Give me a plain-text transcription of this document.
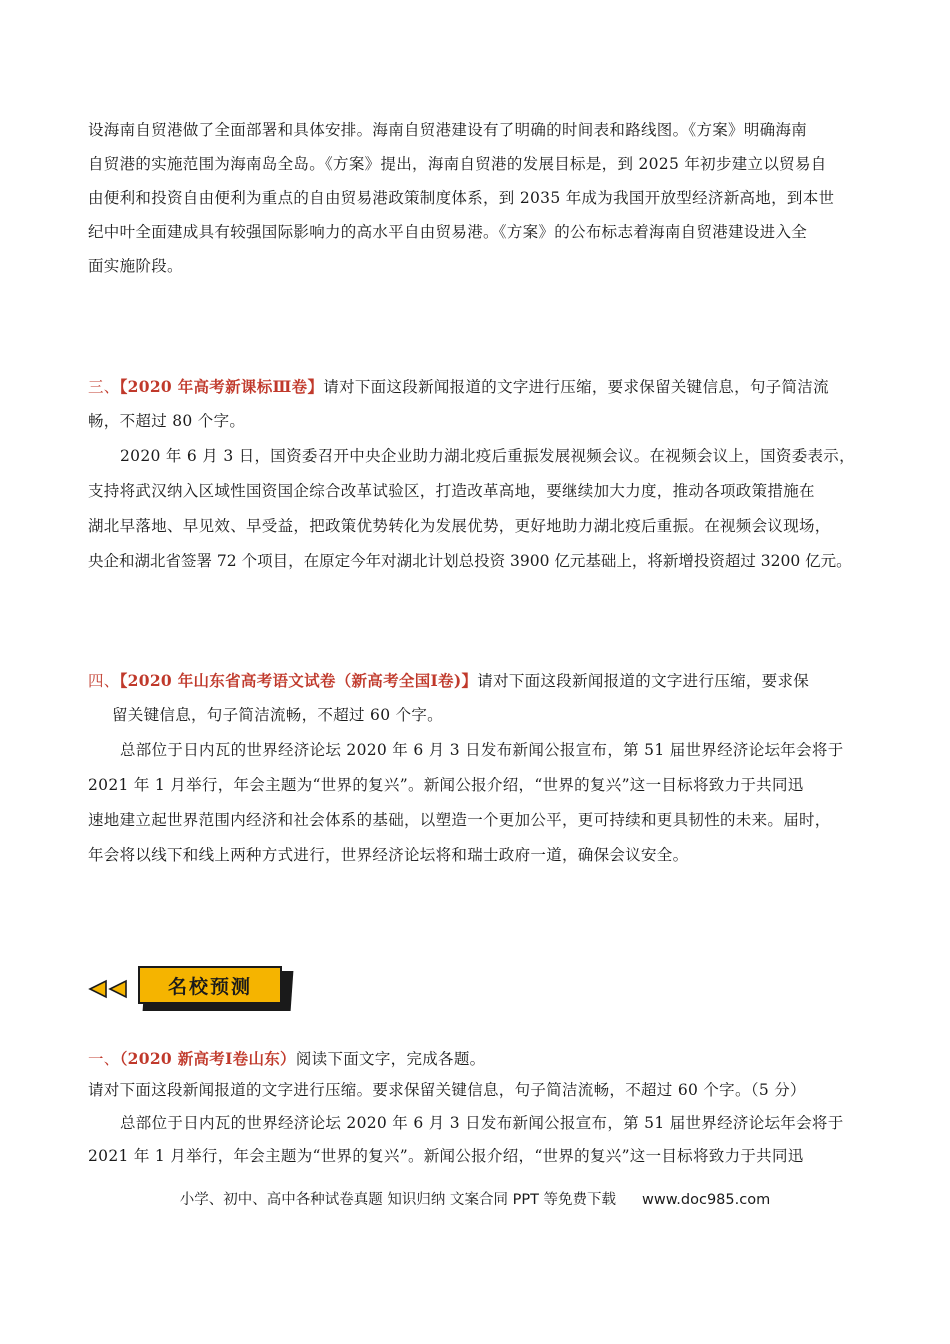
设海南自贸港做了全面部署和具体安排。海南自贸港建设有了明确的时间表和路线图。《方案》明确海南
自贸港的实施范围为海南岛全岛。《方案》提出，海南自贸港的发展目标是，到 2025 年初步建立以贸易自
由便利和投资自由便利为重点的自由贸易港政策制度体系，到 2035 年成为我国开放型经济新高地，到本世
纪中叶全面建成具有较强国际影响力的高水平自由贸易港。《方案》的公布标志着海南自贸港建设进入全
面实施阶段。
三、【2020 年高考新课标Ⅲ卷】请对下面这段新闻报道的文字进行压缩，要求保留关键信息，句子简洁流
畅，不超过 80 个字。
2020 年 6 月 3 日，国资委召开中央企业助力湖北疫后重振发展视频会议。在视频会议上，国资委表示，
支持将武汉纳入区域性国资国企综合改革试验区，打造改革高地，要继续加大力度，推动各项政策措施在
湖北早落地、早见效、早受益，把政策优势转化为发展优势，更好地助力湖北疫后重振。在视频会议现场，
央企和湖北省签署 72 个项目，在原定今年对湖北计划总投资 3900 亿元基础上，将新增投资超过 3200 亿元。
四、【2020 年山东省高考语文试卷（新高考全国Ⅰ卷)】请对下面这段新闻报道的文字进行压缩，要求保
留关键信息，句子简洁流畅，不超过 60 个字。
总部位于日内瓦的世界经济论坛 2020 年 6 月 3 日发布新闻公报宣布，第 51 届世界经济论坛年会将于
2021 年 1 月举行，年会主题为“世界的复兴”。新闻公报介绍，“世界的复兴”这一目标将致力于共同迅
速地建立起世界范围内经济和社会体系的基础，以塑造一个更加公平，更可持续和更具韧性的未来。届时，
年会将以线下和线上两种方式进行，世界经济论坛将和瑞士政府一道，确保会议安全。
名校预测
一、（2020 新高考Ⅰ卷山东）阅读下面文字，完成各题。
请对下面这段新闻报道的文字进行压缩。要求保留关键信息，句子简洁流畅，不超过 60 个字。（5 分）
总部位于日内瓦的世界经济论坛 2020 年 6 月 3 日发布新闻公报宣布，第 51 届世界经济论坛年会将于
2021 年 1 月举行，年会主题为“世界的复兴”。新闻公报介绍，“世界的复兴”这一目标将致力于共同迅
小学、初中、高中各种试卷真题 知识归纳 文案合同 PPT 等免费下载 www.doc985.com
